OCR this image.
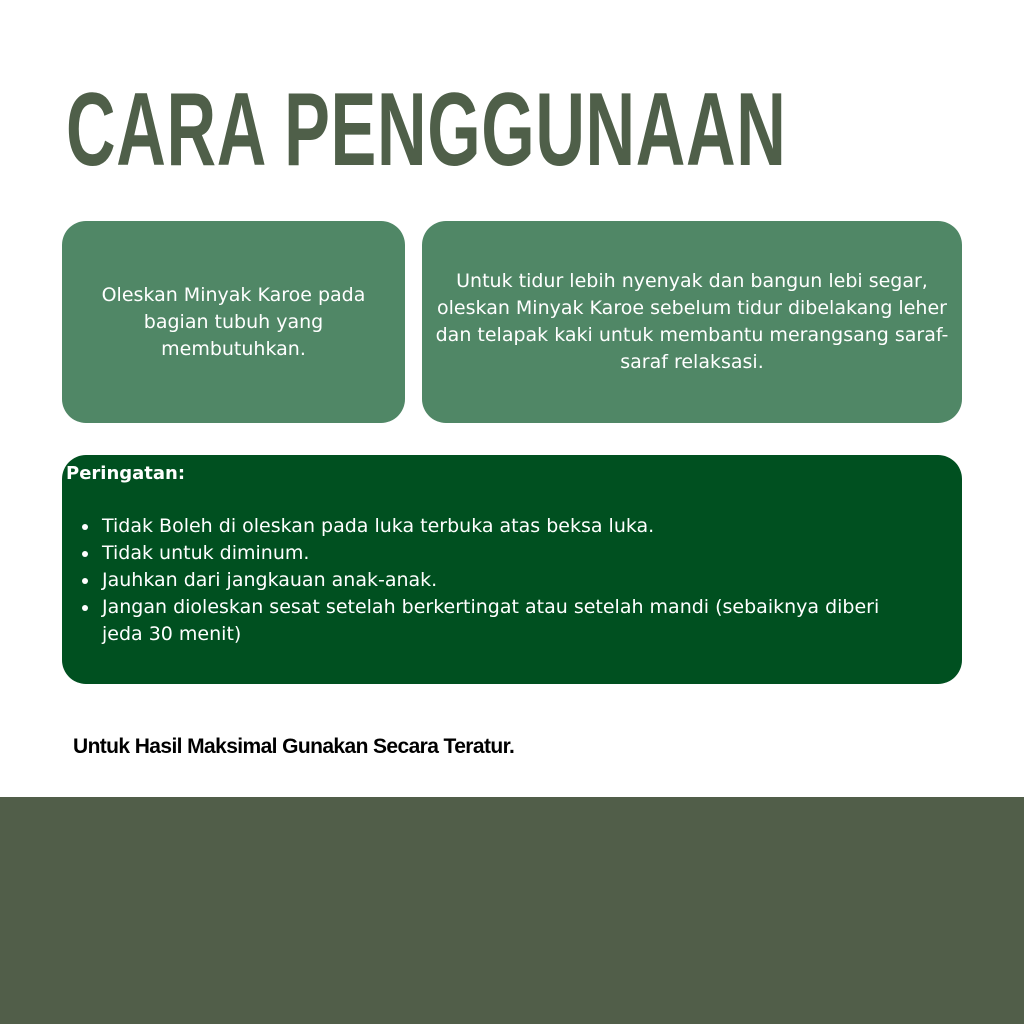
CARA PENGGUNAAN
Oleskan Minyak Karoe pada bagian tubuh yang membutuhkan.
Untuk tidur lebih nyenyak dan bangun lebi segar, oleskan Minyak Karoe sebelum tidur dibelakang leher dan telapak kaki untuk membantu merangsang saraf-saraf relaksasi.
Peringatan:
• Tidak Boleh di oleskan pada luka terbuka atas beksa luka.
• Tidak untuk diminum.
• Jauhkan dari jangkauan anak-anak.
• Jangan dioleskan sesat setelah berkertingat atau setelah mandi (sebaiknya diberi jeda 30 menit)
Untuk Hasil Maksimal Gunakan Secara Teratur.
